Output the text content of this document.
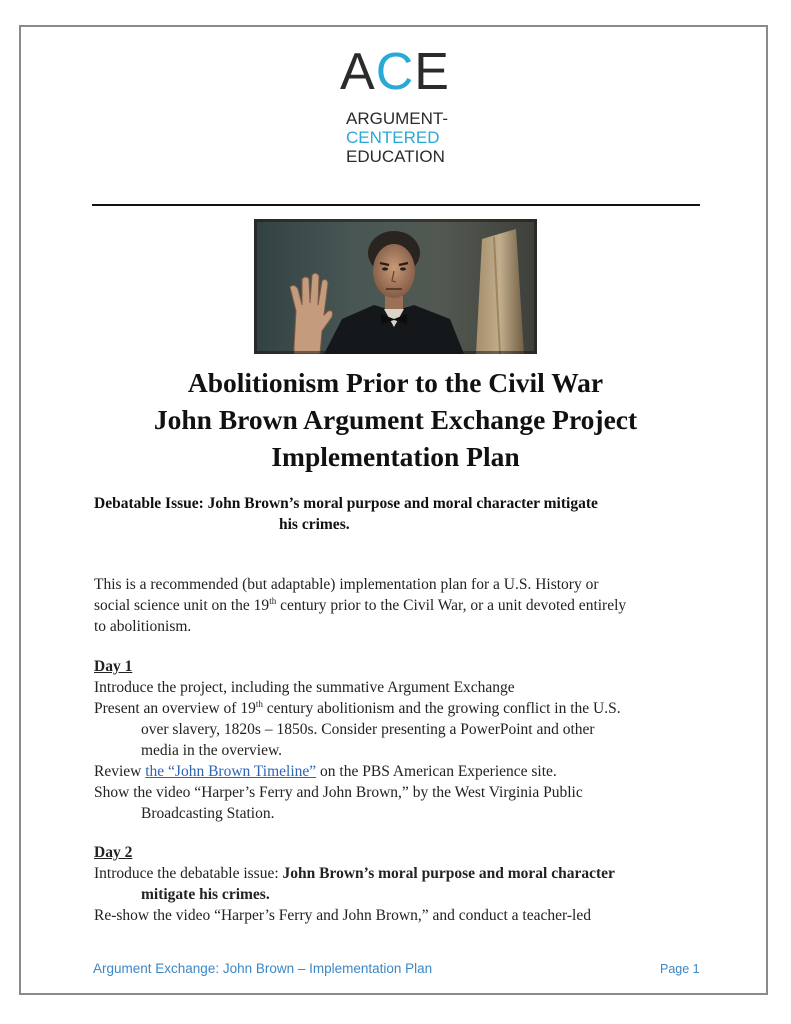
ACE
ARGUMENT-
CENTERED
EDUCATION
Abolitionism Prior to the Civil War
John Brown Argument Exchange Project
Implementation Plan
Debatable Issue: John Brown’s moral purpose and moral character mitigate
his crimes.
This is a recommended (but adaptable) implementation plan for a U.S. History or
social science unit on the 19th century prior to the Civil War, or a unit devoted entirely
to abolitionism.
Day 1
Introduce the project, including the summative Argument Exchange
Present an overview of 19th century abolitionism and the growing conflict in the U.S.
over slavery, 1820s – 1850s. Consider presenting a PowerPoint and other
media in the overview.
Review the “John Brown Timeline” on the PBS American Experience site.
Show the video “Harper’s Ferry and John Brown,” by the West Virginia Public
Broadcasting Station.
Day 2
Introduce the debatable issue: John Brown’s moral purpose and moral character
mitigate his crimes.
Re-show the video “Harper’s Ferry and John Brown,” and conduct a teacher-led
Argument Exchange: John Brown – Implementation Plan	Page 1
